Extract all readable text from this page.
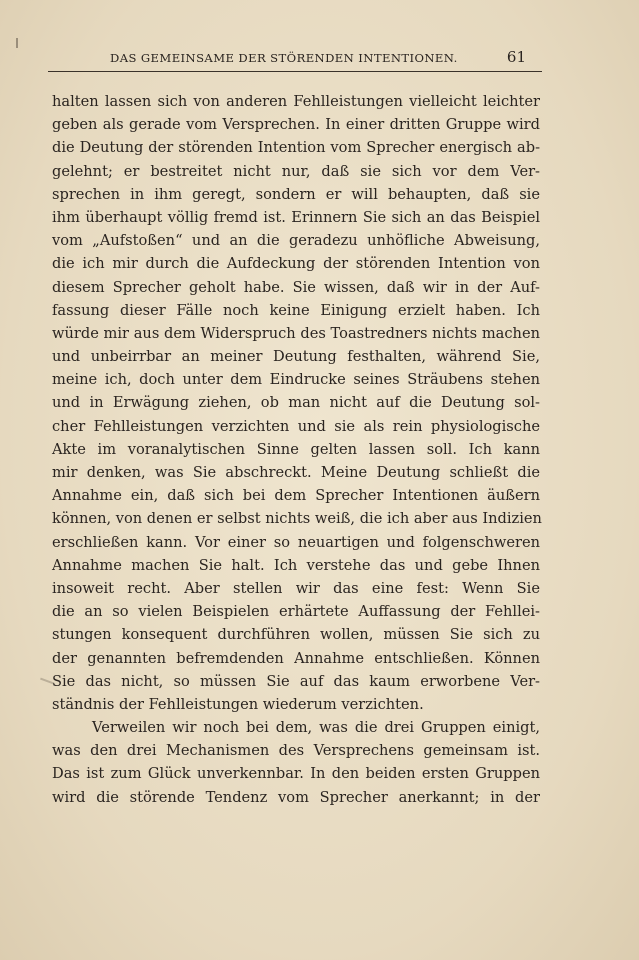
DAS GEMEINSAME DER STÖRENDEN INTENTIONEN.	61
halten lassen sich von anderen Fehlleistungen vielleicht leichter
geben als gerade vom Versprechen. In einer dritten Gruppe wird
die Deutung der störenden Intention vom Sprecher energisch ab-
gelehnt; er bestreitet nicht nur, daß sie sich vor dem Ver-
sprechen in ihm geregt, sondern er will behaupten, daß sie
ihm überhaupt völlig fremd ist. Erinnern Sie sich an das Beispiel
vom „Aufstoßen“ und an die geradezu unhöfliche Abweisung,
die ich mir durch die Aufdeckung der störenden Intention von
diesem Sprecher geholt habe. Sie wissen, daß wir in der Auf-
fassung dieser Fälle noch keine Einigung erzielt haben. Ich
würde mir aus dem Widerspruch des Toastredners nichts machen
und unbeirrbar an meiner Deutung festhalten, während Sie,
meine ich, doch unter dem Eindrucke seines Sträubens stehen
und in Erwägung ziehen, ob man nicht auf die Deutung sol-
cher Fehlleistungen verzichten und sie als rein physiologische
Akte im voranalytischen Sinne gelten lassen soll. Ich kann
mir denken, was Sie abschreckt. Meine Deutung schließt die
Annahme ein, daß sich bei dem Sprecher Intentionen äußern
können, von denen er selbst nichts weiß, die ich aber aus Indizien
erschließen kann. Vor einer so neuartigen und folgenschweren
Annahme machen Sie halt. Ich verstehe das und gebe Ihnen
insoweit recht. Aber stellen wir das eine fest: Wenn Sie
die an so vielen Beispielen erhärtete Auffassung der Fehllei-
stungen konsequent durchführen wollen, müssen Sie sich zu
der genannten befremdenden Annahme entschließen. Können
Sie das nicht, so müssen Sie auf das kaum erworbene Ver-
ständnis der Fehlleistungen wiederum verzichten.
Verweilen wir noch bei dem, was die drei Gruppen einigt,
was den drei Mechanismen des Versprechens gemeinsam ist.
Das ist zum Glück unverkennbar. In den beiden ersten Gruppen
wird die störende Tendenz vom Sprecher anerkannt; in der
